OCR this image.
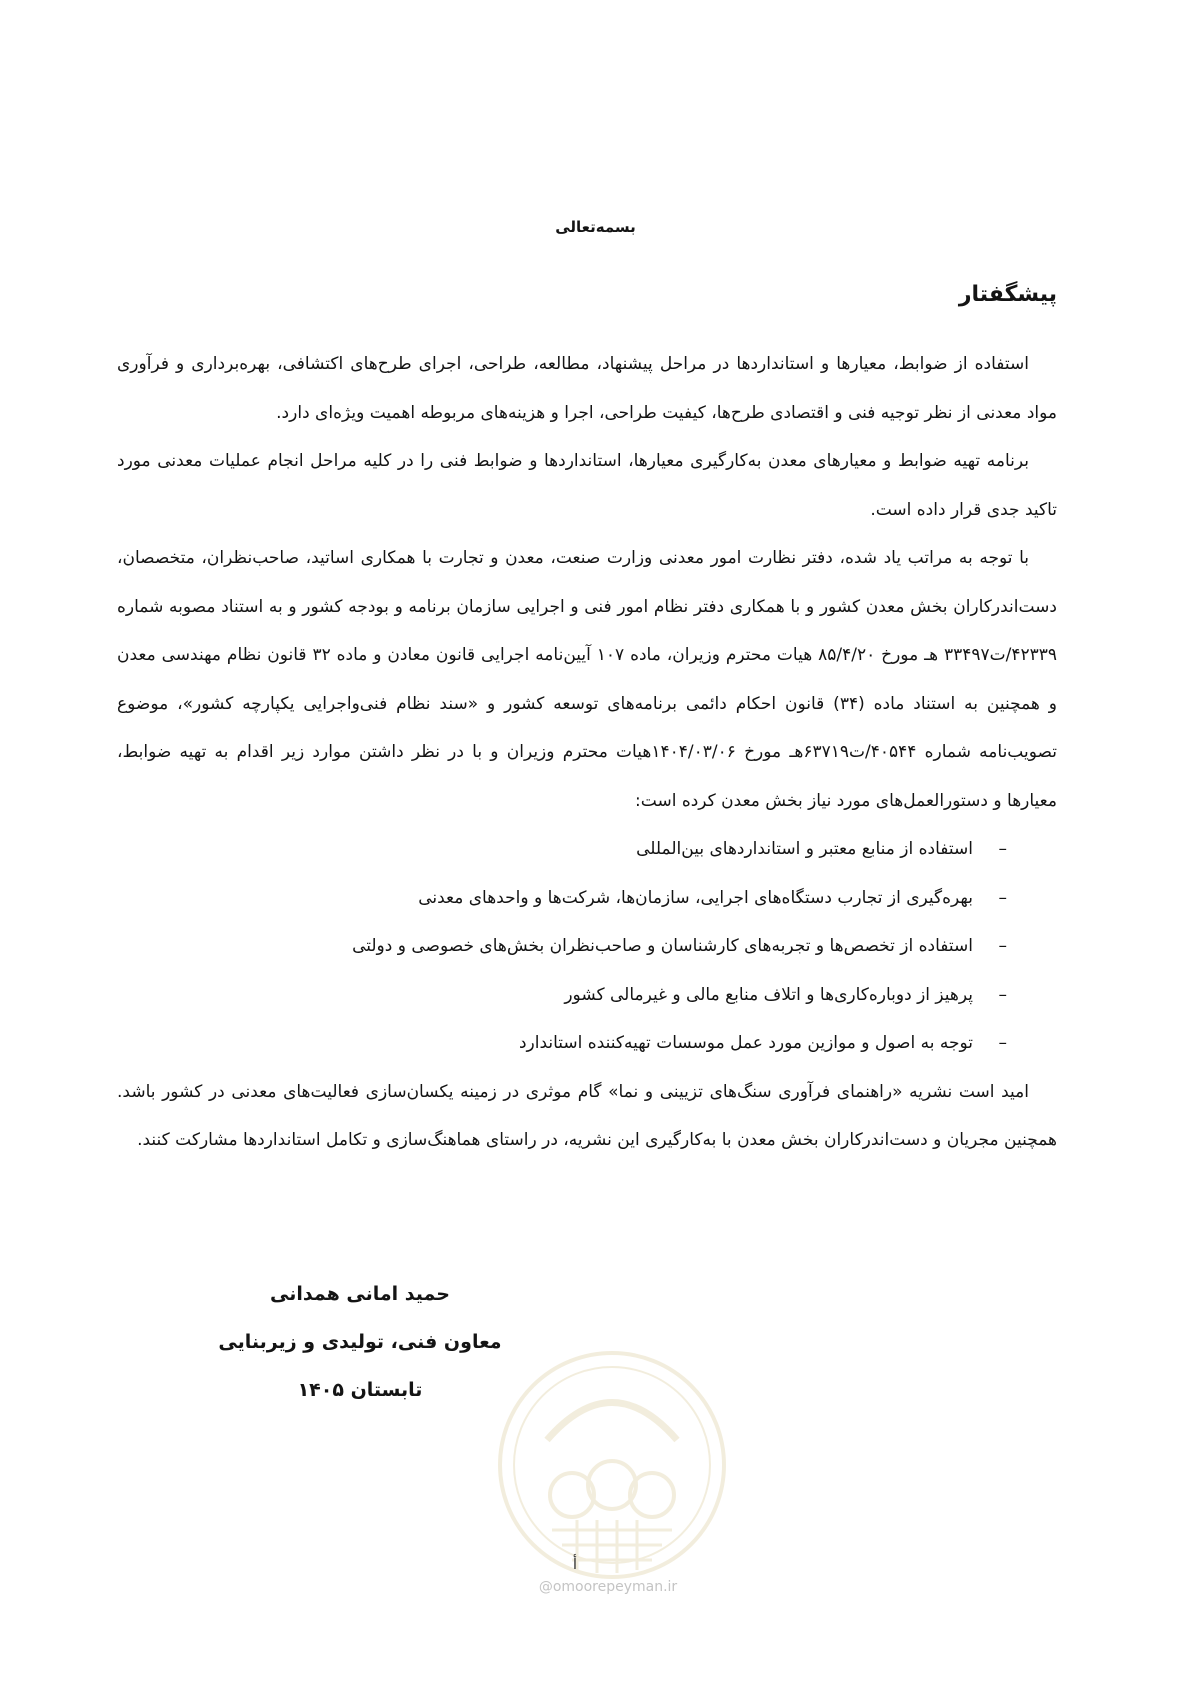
بسمه‌تعالی
پیشگفتار

استفاده از ضوابط، معیارها و استانداردها در مراحل پیشنهاد، مطالعه، طراحی، اجرای طرح‌های اکتشافی، بهره‌برداری و فرآوری مواد معدنی از نظر توجیه فنی و اقتصادی طرح‌ها، کیفیت طراحی، اجرا و هزینه‌های مربوطه اهمیت ویژه‌ای دارد.

برنامه تهیه ضوابط و معیارهای معدن به‌کارگیری معیارها، استانداردها و ضوابط فنی را در کلیه مراحل انجام عملیات معدنی مورد تاکید جدی قرار داده است.

با توجه به مراتب یاد شده، دفتر نظارت امور معدنی وزارت صنعت، معدن و تجارت با همکاری اساتید، صاحب‌نظران، متخصصان، دست‌اندرکاران بخش معدن کشور و با همکاری دفتر نظام امور فنی و اجرایی سازمان برنامه و بودجه کشور و به استناد مصوبه شماره ۴۲۳۳۹/ت۳۳۴۹۷ هـ مورخ ۸۵/۴/۲۰ هیات محترم وزیران، ماده ۱۰۷ آیین‌نامه اجرایی قانون معادن و ماده ۳۲ قانون نظام مهندسی معدن و همچنین به استناد ماده (۳۴) قانون احکام دائمی برنامه‌های توسعه کشور و «سند نظام فنی‌واجرایی یکپارچه کشور»، موضوع تصویب‌نامه شماره ۴۰۵۴۴/ت۶۳۷۱۹هـ مورخ ۱۴۰۴/۰۳/۰۶هیات محترم وزیران و با در نظر داشتن موارد زیر اقدام به تهیه ضوابط، معیارها و دستورالعمل‌های مورد نیاز بخش معدن کرده است:

–استفاده از منابع معتبر و استانداردهای بین‌المللی
–بهره‌گیری از تجارب دستگاه‌های اجرایی، سازمان‌ها، شرکت‌ها و واحدهای معدنی
–استفاده از تخصص‌ها و تجربه‌های کارشناسان و صاحب‌نظران بخش‌های خصوصی و دولتی
–پرهیز از دوباره‌کاری‌ها و اتلاف منابع مالی و غیرمالی کشور
–توجه به اصول و موازین مورد عمل موسسات تهیه‌کننده استاندارد

امید است نشریه «راهنمای فرآوری سنگ‌های تزیینی و نما» گام موثری در زمینه یکسان‌سازی فعالیت‌های معدنی در کشور باشد. همچنین مجریان و دست‌اندرکاران بخش معدن با به‌کارگیری این نشریه، در راستای هماهنگ‌سازی و تکامل استانداردها مشارکت کنند.

حمید امانی همدانی
معاون فنی، تولیدی و زیربنایی
تابستان ۱۴۰۵
أ
@omoorepeyman.ir
